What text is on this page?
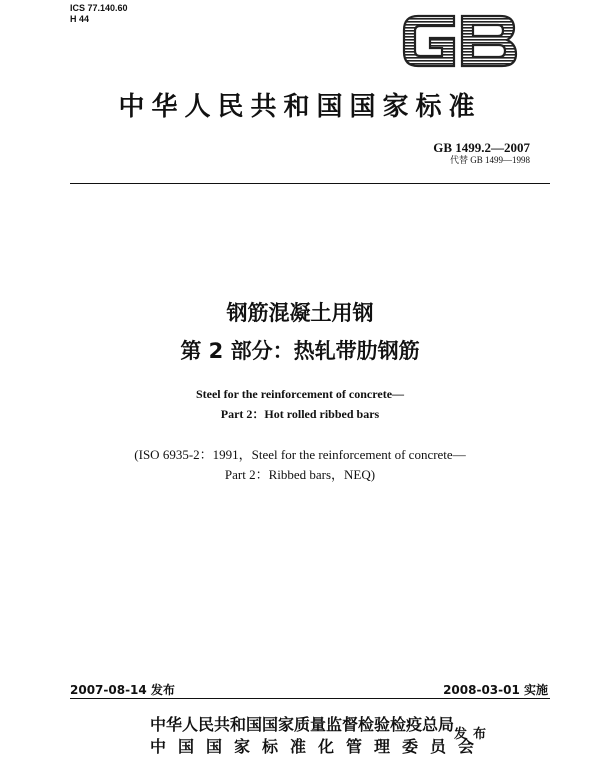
ICS 77.140.60
H 44
中华人民共和国国家标准
GB 1499.2—2007
代替 GB 1499—1998
钢筋混凝土用钢
第 2 部分：热轧带肋钢筋
Steel for the reinforcement of concrete—
Part 2：Hot rolled ribbed bars
(ISO 6935-2：1991，Steel for the reinforcement of concrete—
Part 2：Ribbed bars，NEQ)
2007-08-14 发布	2008-03-01 实施
中华人民共和国国家质量监督检验检疫总局
中国国家标准化管理委员会
发布
